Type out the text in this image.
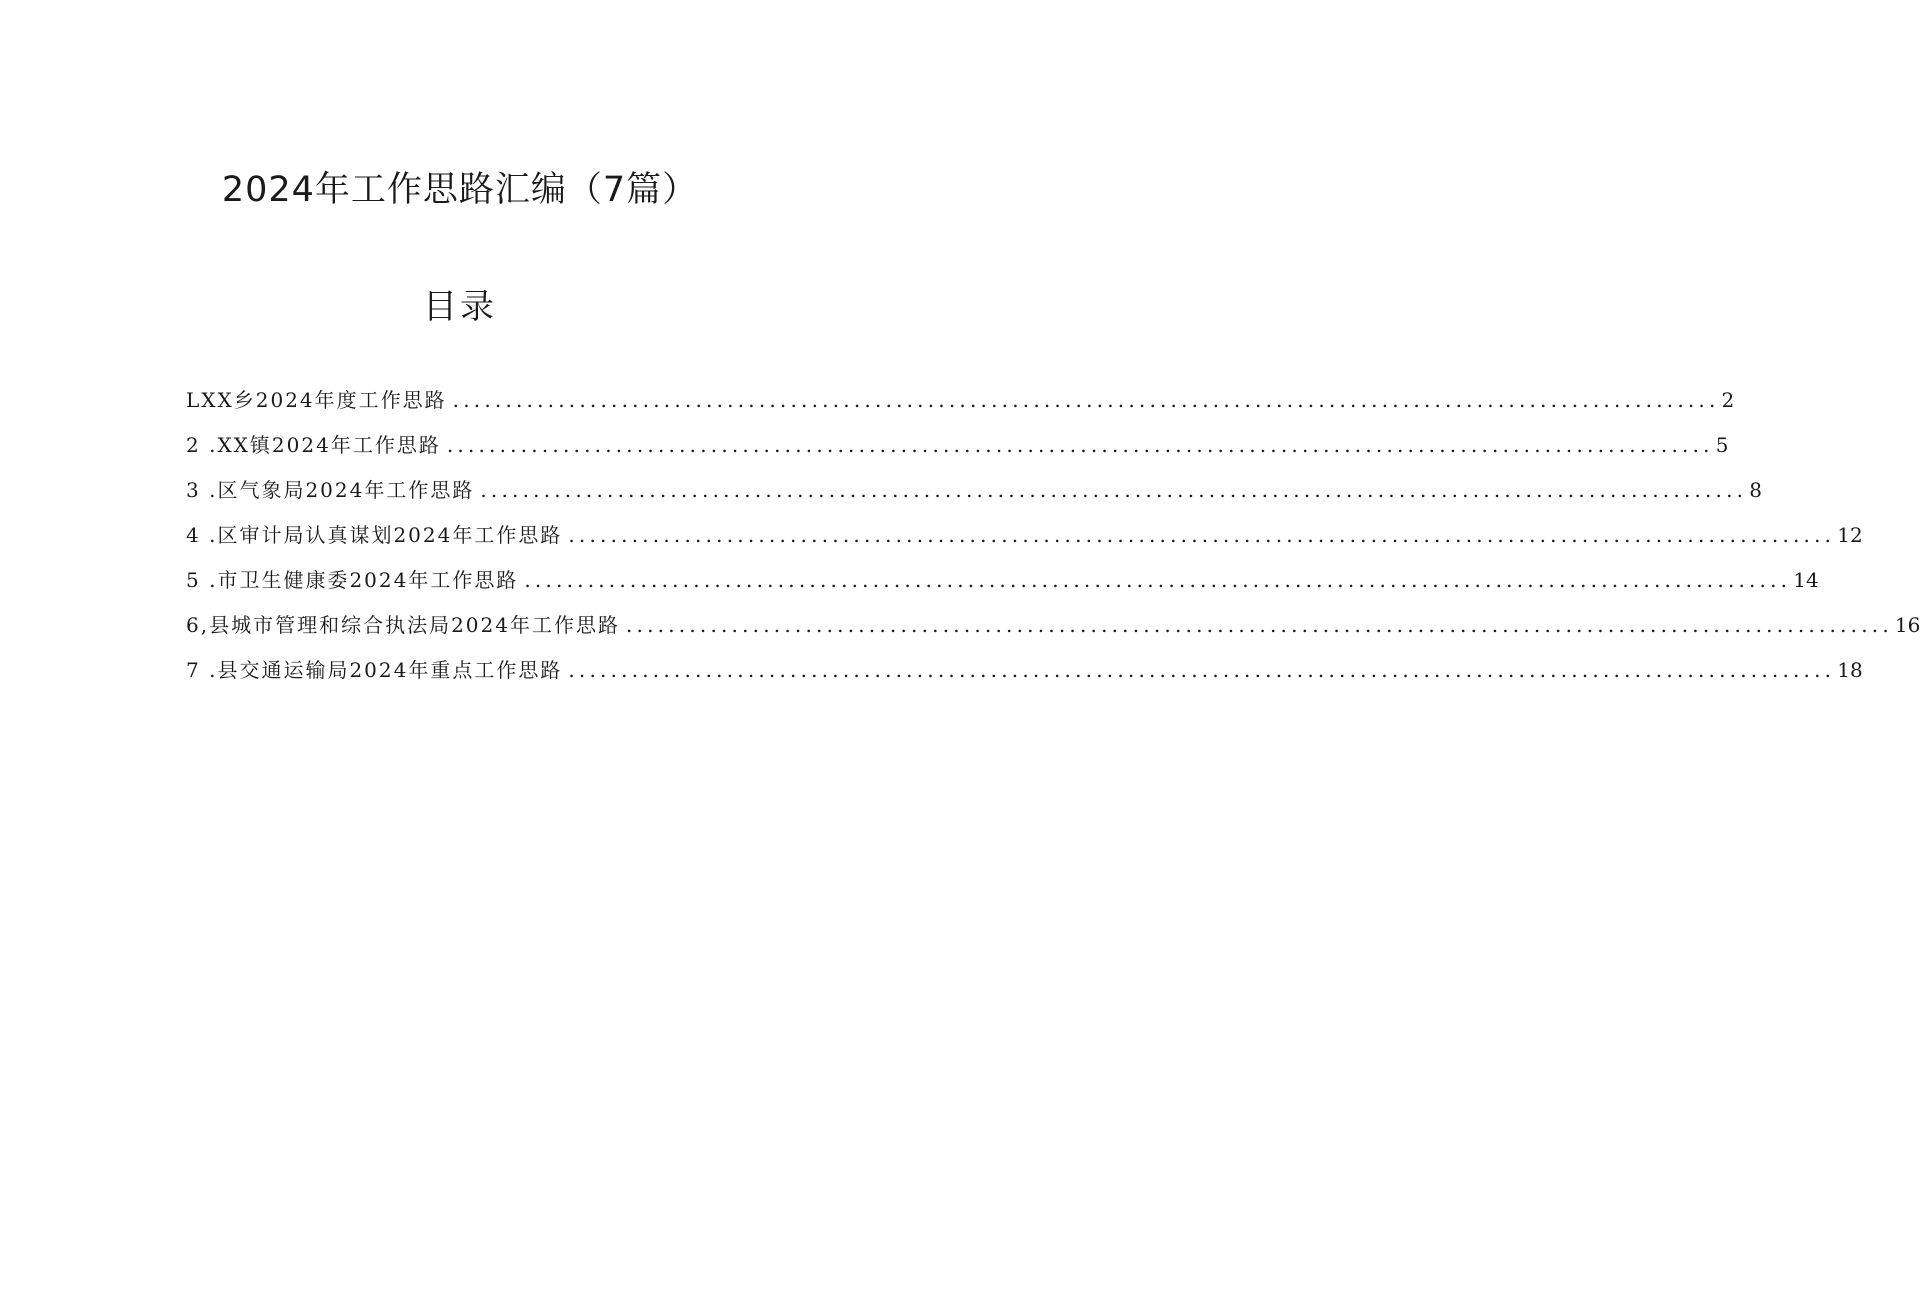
2024年工作思路汇编（7篇）
目录
LXX乡2024年度工作思路 ........................................................................................................................ 2
2 .XX镇2024年工作思路 ........................................................................................................................ 5
3 .区气象局2024年工作思路 ........................................................................................................................ 8
4 .区审计局认真谋划2024年工作思路 ........................................................................................................................ 12
5 .市卫生健康委2024年工作思路 ........................................................................................................................ 14
6,县城市管理和综合执法局2024年工作思路 ........................................................................................................................ 16
7 .县交通运输局2024年重点工作思路 ........................................................................................................................ 18
